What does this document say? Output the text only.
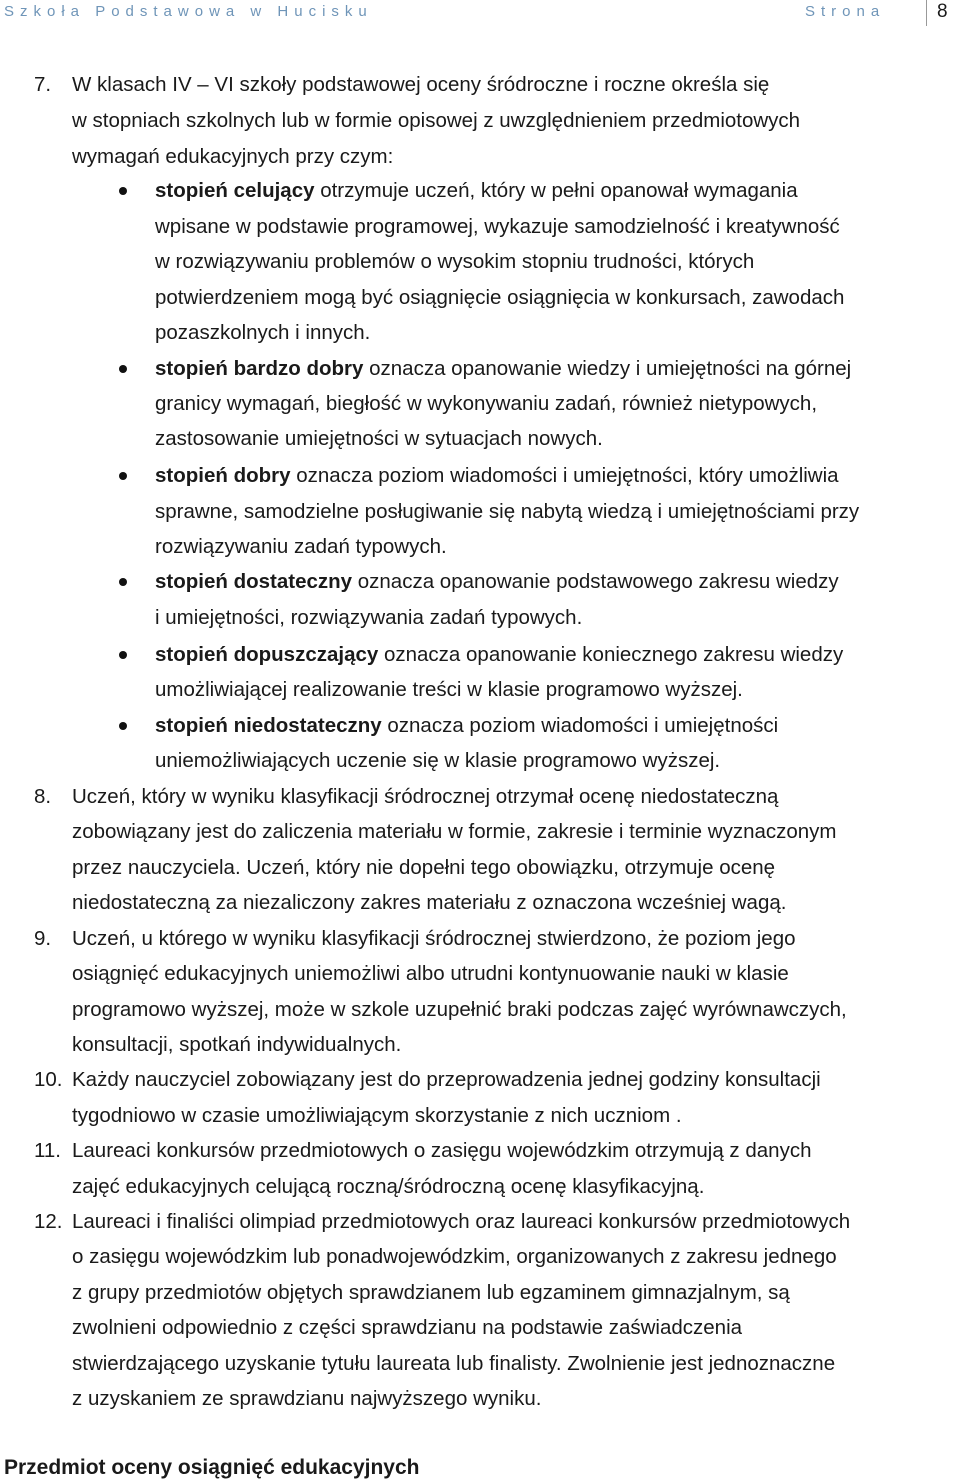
Szkoła Podstawowa w Hucisku	Strona	8
7. W klasach IV – VI szkoły podstawowej oceny śródroczne i roczne określa się
w stopniach szkolnych lub w formie opisowej z uwzględnieniem przedmiotowych
wymagań edukacyjnych przy czym:
stopień celujący otrzymuje uczeń, który w pełni opanował wymagania
wpisane w podstawie programowej, wykazuje samodzielność i kreatywność
w rozwiązywaniu problemów o wysokim stopniu trudności, których
potwierdzeniem mogą być osiągnięcie osiągnięcia w konkursach, zawodach
pozaszkolnych i innych.
stopień bardzo dobry oznacza opanowanie wiedzy i umiejętności na górnej
granicy wymagań, biegłość w wykonywaniu zadań, również nietypowych,
zastosowanie umiejętności w sytuacjach nowych.
stopień dobry oznacza poziom wiadomości i umiejętności, który umożliwia
sprawne, samodzielne posługiwanie się nabytą wiedzą i umiejętnościami przy
rozwiązywaniu zadań typowych.
stopień dostateczny oznacza opanowanie podstawowego zakresu wiedzy
i umiejętności, rozwiązywania zadań typowych.
stopień dopuszczający oznacza opanowanie koniecznego zakresu wiedzy
umożliwiającej realizowanie treści w klasie programowo wyższej.
stopień niedostateczny oznacza poziom wiadomości i umiejętności
uniemożliwiających uczenie się w klasie programowo wyższej.
8. Uczeń, który w wyniku klasyfikacji śródrocznej otrzymał ocenę niedostateczną
zobowiązany jest do zaliczenia materiału w formie, zakresie i terminie wyznaczonym
przez nauczyciela. Uczeń, który nie dopełni tego obowiązku, otrzymuje ocenę
niedostateczną za niezaliczony zakres materiału z oznaczona wcześniej wagą.
9. Uczeń, u którego w wyniku klasyfikacji śródrocznej stwierdzono, że poziom jego
osiągnięć edukacyjnych uniemożliwi albo utrudni kontynuowanie nauki w klasie
programowo wyższej, może w szkole uzupełnić braki podczas zajęć wyrównawczych,
konsultacji, spotkań indywidualnych.
10. Każdy nauczyciel zobowiązany jest do przeprowadzenia jednej godziny konsultacji
tygodniowo w czasie umożliwiającym skorzystanie z nich uczniom .
11. Laureaci konkursów przedmiotowych o zasięgu wojewódzkim otrzymują z danych
zajęć edukacyjnych celującą roczną/śródroczną ocenę klasyfikacyjną.
12. Laureaci i finaliści olimpiad przedmiotowych oraz laureaci konkursów przedmiotowych
o zasięgu wojewódzkim lub ponadwojewódzkim, organizowanych z zakresu jednego
z grupy przedmiotów objętych sprawdzianem lub egzaminem gimnazjalnym, są
zwolnieni odpowiednio z części sprawdzianu na podstawie zaświadczenia
stwierdzającego uzyskanie tytułu laureata lub finalisty. Zwolnienie jest jednoznaczne
z uzyskaniem ze sprawdzianu najwyższego wyniku.
Przedmiot oceny osiągnięć edukacyjnych
